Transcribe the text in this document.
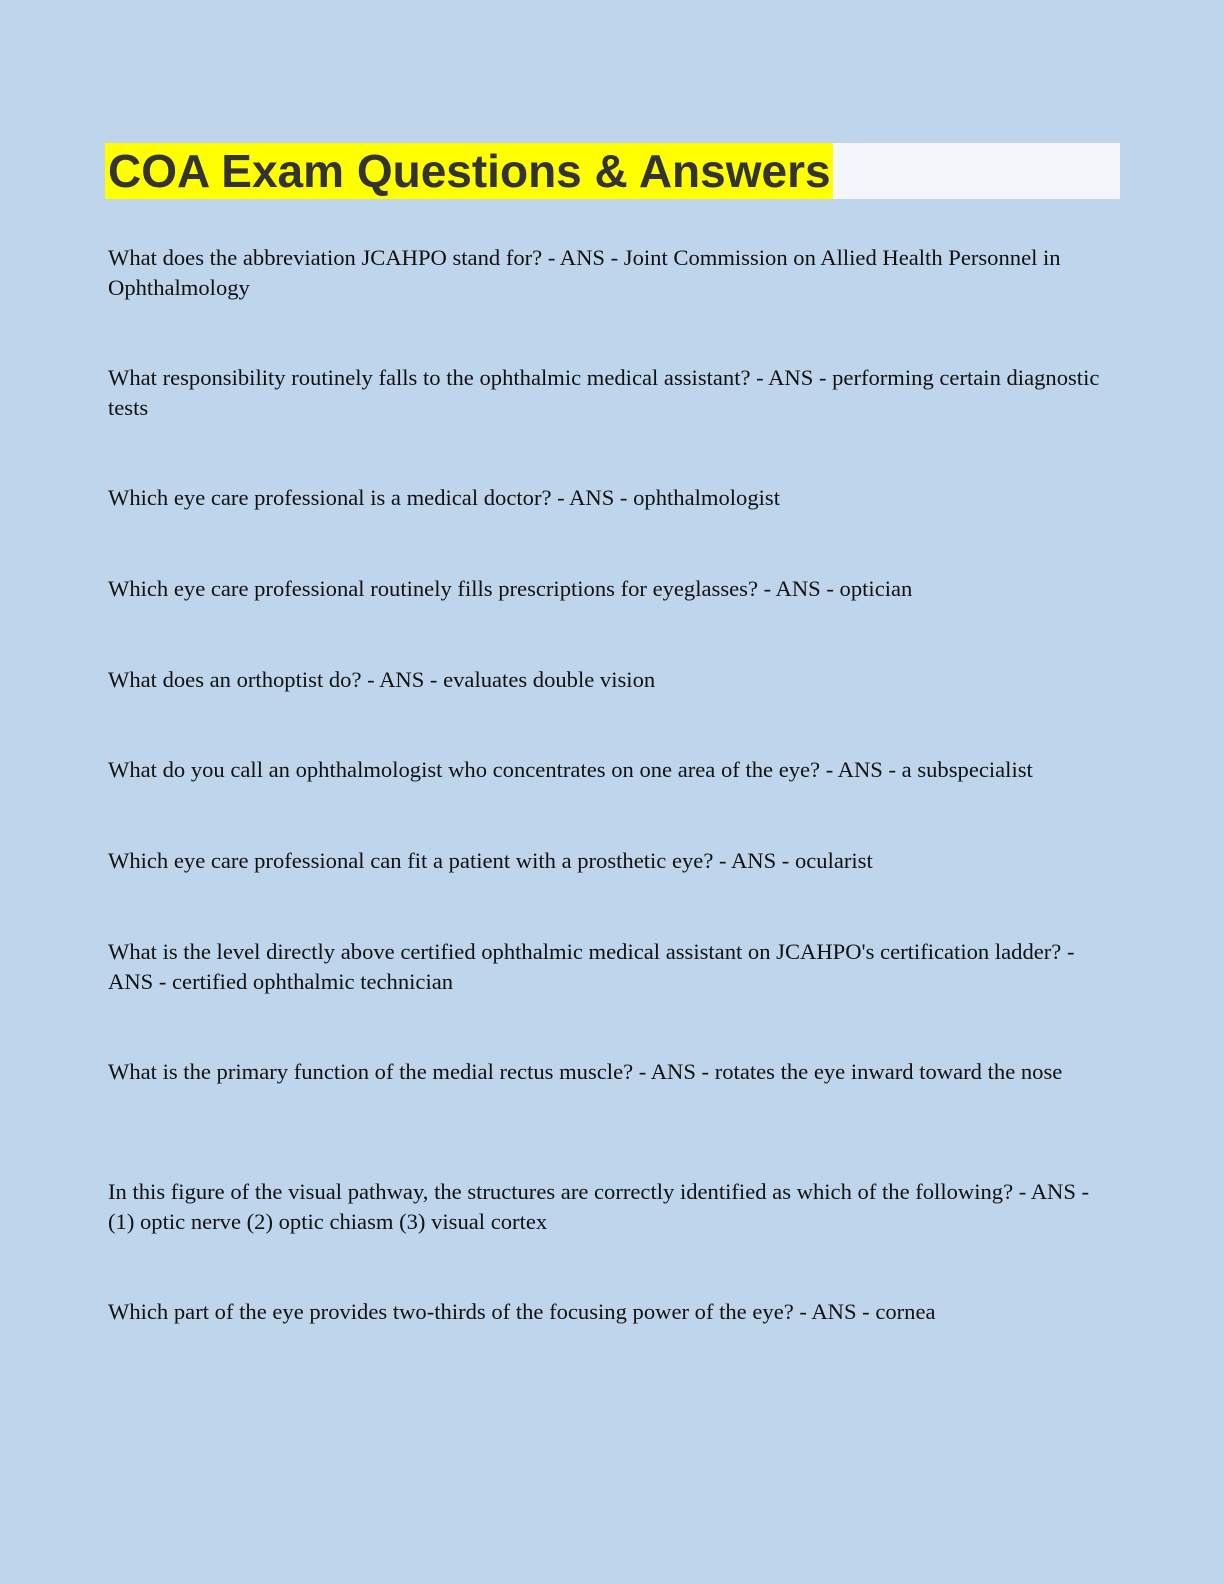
COA Exam Questions & Answers

What does the abbreviation JCAHPO stand for? - ANS - Joint Commission on Allied Health Personnel in Ophthalmology

What responsibility routinely falls to the ophthalmic medical assistant? - ANS - performing certain diagnostic tests

Which eye care professional is a medical doctor? - ANS - ophthalmologist

Which eye care professional routinely fills prescriptions for eyeglasses? - ANS - optician

What does an orthoptist do? - ANS - evaluates double vision

What do you call an ophthalmologist who concentrates on one area of the eye? - ANS - a subspecialist

Which eye care professional can fit a patient with a prosthetic eye? - ANS - ocularist

What is the level directly above certified ophthalmic medical assistant on JCAHPO's certification ladder? - ANS - certified ophthalmic technician

What is the primary function of the medial rectus muscle? - ANS - rotates the eye inward toward the nose

In this figure of the visual pathway, the structures are correctly identified as which of the following? - ANS - (1) optic nerve (2) optic chiasm (3) visual cortex

Which part of the eye provides two-thirds of the focusing power of the eye? - ANS - cornea
